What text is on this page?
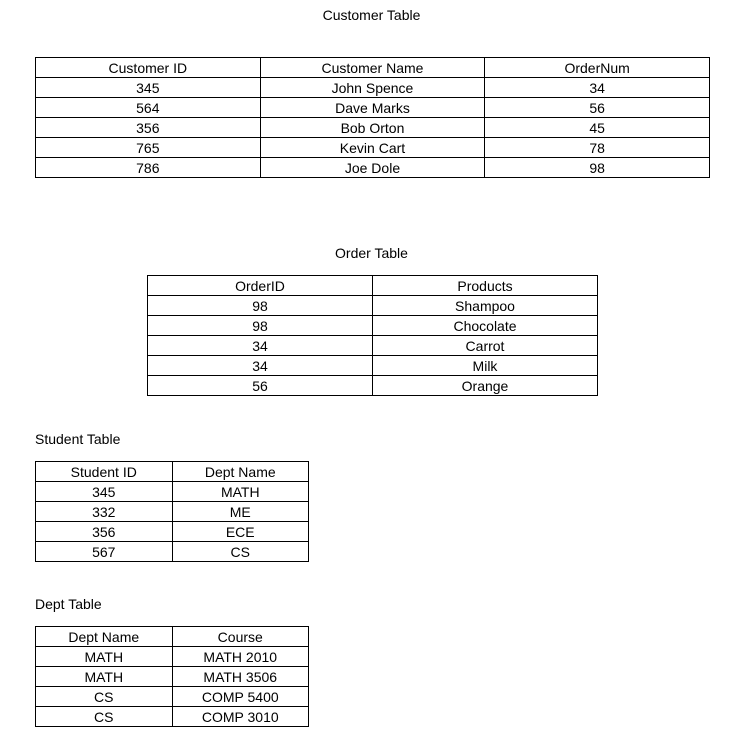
Customer Table
Customer ID	Customer Name	OrderNum
345	John Spence	34
564	Dave Marks	56
356	Bob Orton	45
765	Kevin Cart	78
786	Joe Dole	98
Order Table
OrderID	Products
98	Shampoo
98	Chocolate
34	Carrot
34	Milk
56	Orange
Student Table
Student ID	Dept Name
345	MATH
332	ME
356	ECE
567	CS
Dept Table
Dept Name	Course
MATH	MATH 2010
MATH	MATH 3506
CS	COMP 5400
CS	COMP 3010
